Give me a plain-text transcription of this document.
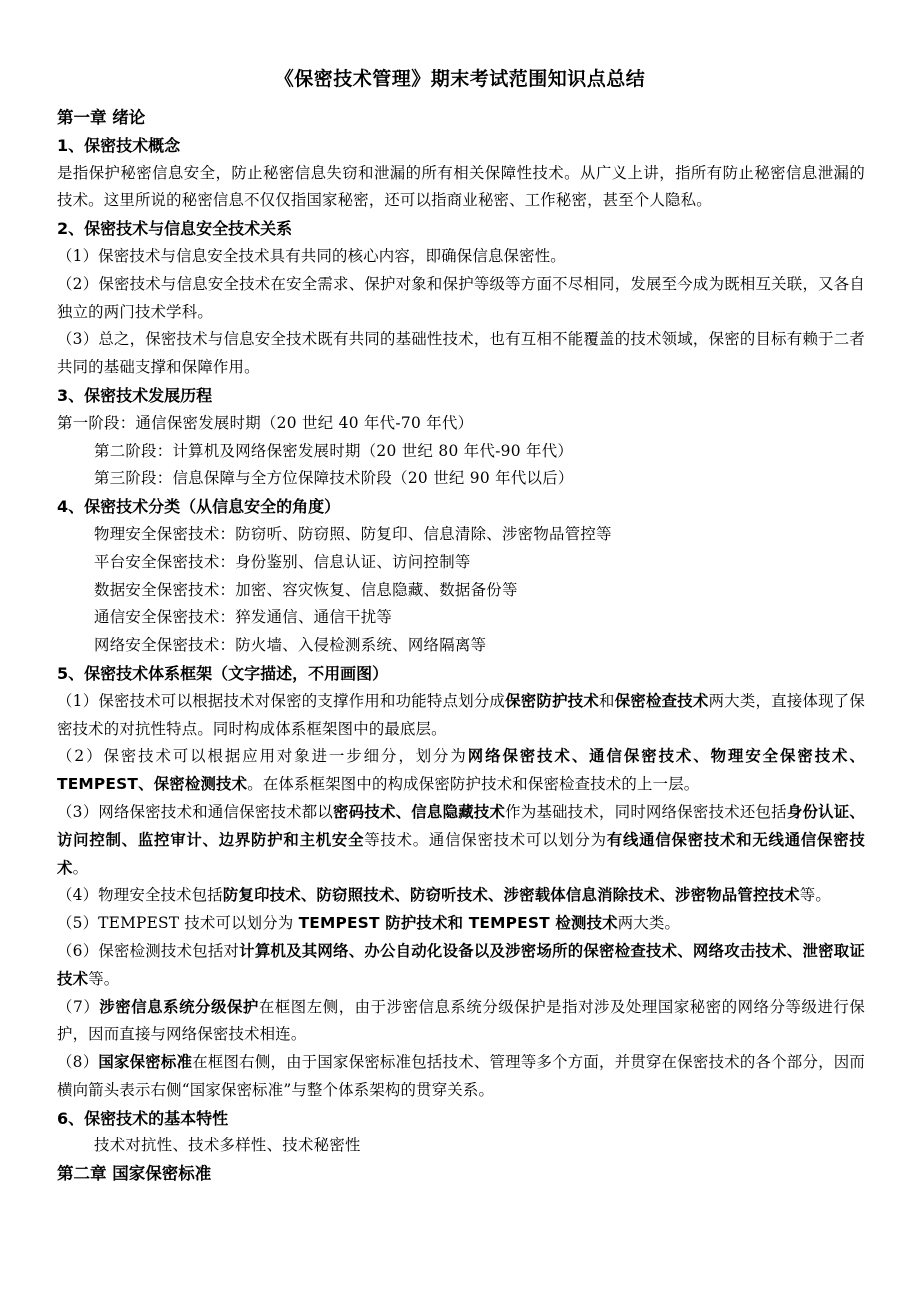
《保密技术管理》期末考试范围知识点总结
第一章 绪论
1、保密技术概念
是指保护秘密信息安全，防止秘密信息失窃和泄漏的所有相关保障性技术。从广义上讲，指所有防止秘密信息泄漏的技术。这里所说的秘密信息不仅仅指国家秘密，还可以指商业秘密、工作秘密，甚至个人隐私。
2、保密技术与信息安全技术关系
（1）保密技术与信息安全技术具有共同的核心内容，即确保信息保密性。
（2）保密技术与信息安全技术在安全需求、保护对象和保护等级等方面不尽相同，发展至今成为既相互关联，又各自独立的两门技术学科。
（3）总之，保密技术与信息安全技术既有共同的基础性技术，也有互相不能覆盖的技术领域，保密的目标有赖于二者共同的基础支撑和保障作用。
3、保密技术发展历程
第一阶段：通信保密发展时期（20 世纪 40 年代-70 年代）
第二阶段：计算机及网络保密发展时期（20 世纪 80 年代-90 年代）
第三阶段：信息保障与全方位保障技术阶段（20 世纪 90 年代以后）
4、保密技术分类（从信息安全的角度）
物理安全保密技术：防窃听、防窃照、防复印、信息清除、涉密物品管控等
平台安全保密技术：身份鉴别、信息认证、访问控制等
数据安全保密技术：加密、容灾恢复、信息隐藏、数据备份等
通信安全保密技术：猝发通信、通信干扰等
网络安全保密技术：防火墙、入侵检测系统、网络隔离等
5、保密技术体系框架（文字描述，不用画图）
（1）保密技术可以根据技术对保密的支撑作用和功能特点划分成保密防护技术和保密检查技术两大类，直接体现了保密技术的对抗性特点。同时构成体系框架图中的最底层。
（2）保密技术可以根据应用对象进一步细分，划分为网络保密技术、通信保密技术、物理安全保密技术、TEMPEST、保密检测技术。在体系框架图中的构成保密防护技术和保密检查技术的上一层。
（3）网络保密技术和通信保密技术都以密码技术、信息隐藏技术作为基础技术，同时网络保密技术还包括身份认证、访问控制、监控审计、边界防护和主机安全等技术。通信保密技术可以划分为有线通信保密技术和无线通信保密技术。
（4）物理安全技术包括防复印技术、防窃照技术、防窃听技术、涉密载体信息消除技术、涉密物品管控技术等。
（5）TEMPEST 技术可以划分为 TEMPEST 防护技术和 TEMPEST 检测技术两大类。
（6）保密检测技术包括对计算机及其网络、办公自动化设备以及涉密场所的保密检查技术、网络攻击技术、泄密取证技术等。
（7）涉密信息系统分级保护在框图左侧，由于涉密信息系统分级保护是指对涉及处理国家秘密的网络分等级进行保护，因而直接与网络保密技术相连。
（8）国家保密标准在框图右侧，由于国家保密标准包括技术、管理等多个方面，并贯穿在保密技术的各个部分，因而横向箭头表示右侧“国家保密标准”与整个体系架构的贯穿关系。
6、保密技术的基本特性
技术对抗性、技术多样性、技术秘密性
第二章 国家保密标准
